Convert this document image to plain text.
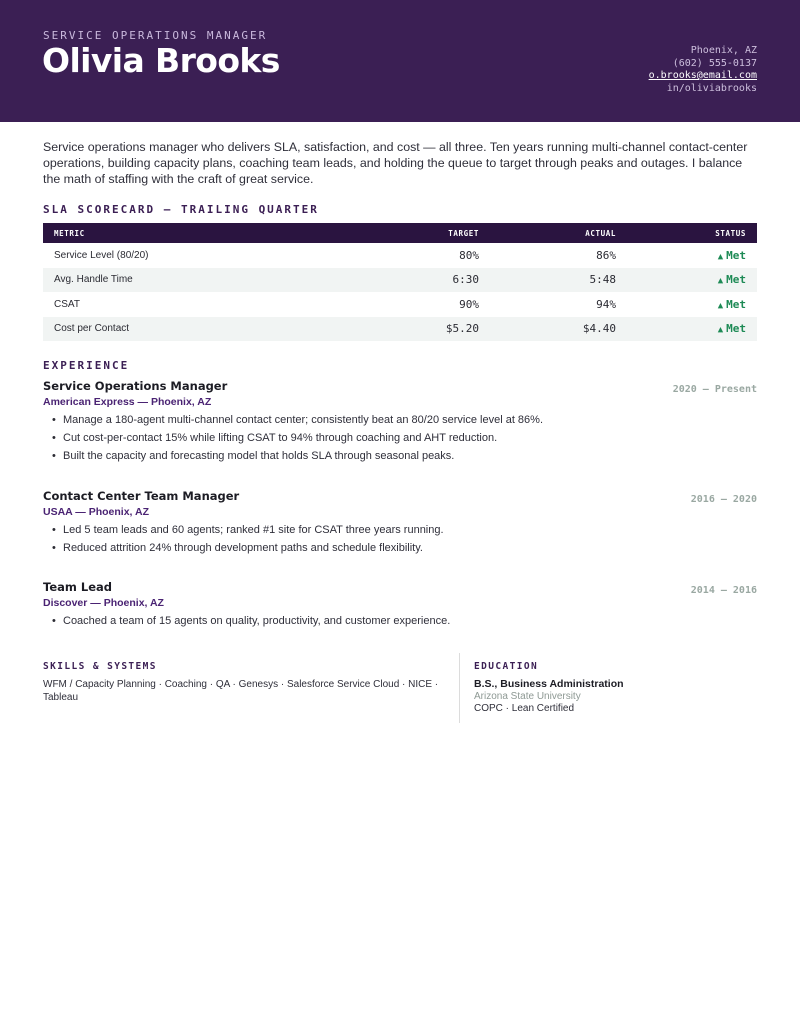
SERVICE OPERATIONS MANAGER
Olivia Brooks	Phoenix, AZ
(602) 555-0137
o.brooks@email.com
in/oliviabrooks

Service operations manager who delivers SLA, satisfaction, and cost — all three. Ten years running multi-channel contact-center operations, building capacity plans, coaching team leads, and holding the queue to target through peaks and outages. I balance the math of staffing with the craft of great service.

SLA SCORECARD — TRAILING QUARTER
METRIC	TARGET	ACTUAL	STATUS
Service Level (80/20)	80%	86%	▲ Met
Avg. Handle Time	6:30	5:48	▲ Met
CSAT	90%	94%	▲ Met
Cost per Contact	$5.20	$4.40	▲ Met
EXPERIENCE
Service Operations Manager
American Express — Phoenix, AZ
2020 — Present
• Manage a 180-agent multi-channel contact center; consistently beat an 80/20 service level at 86%.
• Cut cost-per-contact 15% while lifting CSAT to 94% through coaching and AHT reduction.
• Built the capacity and forecasting model that holds SLA through seasonal peaks.
Contact Center Team Manager
USAA — Phoenix, AZ
2016 — 2020
• Led 5 team leads and 60 agents; ranked #1 site for CSAT three years running.
• Reduced attrition 24% through development paths and schedule flexibility.
Team Lead
Discover — Phoenix, AZ
2014 — 2016
• Coached a team of 15 agents on quality, productivity, and customer experience.
SKILLS & SYSTEMS
WFM / Capacity Planning · Coaching · QA · Genesys · Salesforce Service Cloud · NICE · Tableau
EDUCATION
B.S., Business Administration
Arizona State University
COPC · Lean Certified
